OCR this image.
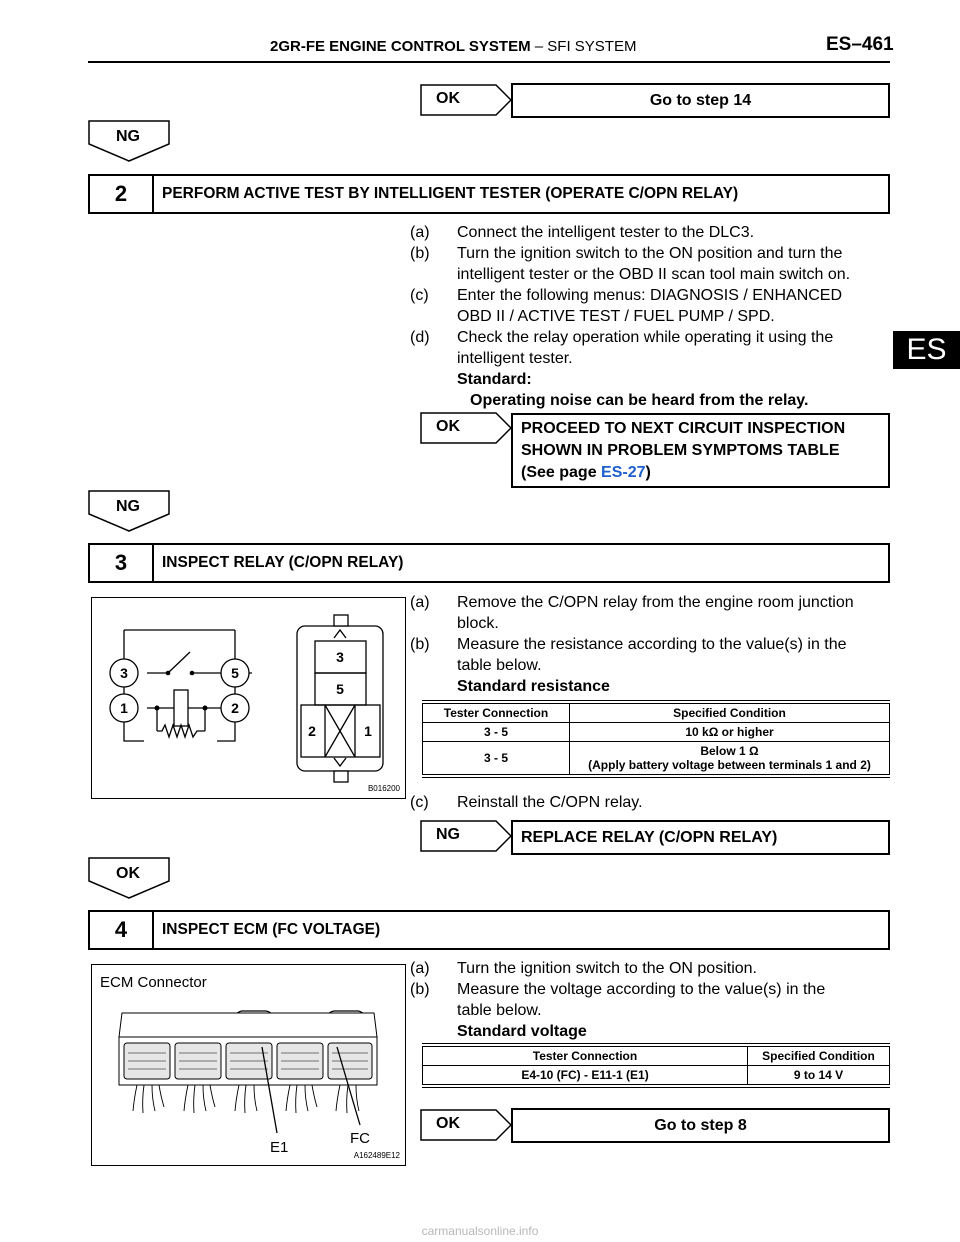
2GR-FE ENGINE CONTROL SYSTEM – SFI SYSTEM	ES–461
ES
OK	Go to step 14
NG
2	PERFORM ACTIVE TEST BY INTELLIGENT TESTER (OPERATE C/OPN RELAY)
(a)	Connect the intelligent tester to the DLC3.
(b)	Turn the ignition switch to the ON position and turn the
intelligent tester or the OBD II scan tool main switch on.
(c)	Enter the following menus: DIAGNOSIS / ENHANCED
OBD II / ACTIVE TEST / FUEL PUMP / SPD.
(d)	Check the relay operation while operating it using the
intelligent tester.
Standard:
Operating noise can be heard from the relay.
OK	PROCEED TO NEXT CIRCUIT INSPECTION
SHOWN IN PROBLEM SYMPTOMS TABLE
(See page ES-27)
NG
3	INSPECT RELAY (C/OPN RELAY)
3	5
1	2
3
5
2	1
B016200
(a)	Remove the C/OPN relay from the engine room junction
block.
(b)	Measure the resistance according to the value(s) in the
table below.
Standard resistance
Tester Connection	Specified Condition
3 - 5	10 kΩ or higher
3 - 5	Below 1 Ω
(Apply battery voltage between terminals 1 and 2)
(c)	Reinstall the C/OPN relay.
NG	REPLACE RELAY (C/OPN RELAY)
OK
4	INSPECT ECM (FC VOLTAGE)
ECM Connector
E1
FC
A162489E12
(a)	Turn the ignition switch to the ON position.
(b)	Measure the voltage according to the value(s) in the
table below.
Standard voltage
Tester Connection	Specified Condition
E4-10 (FC) - E11-1 (E1)	9 to 14 V
OK	Go to step 8
carmanualsonline.info
